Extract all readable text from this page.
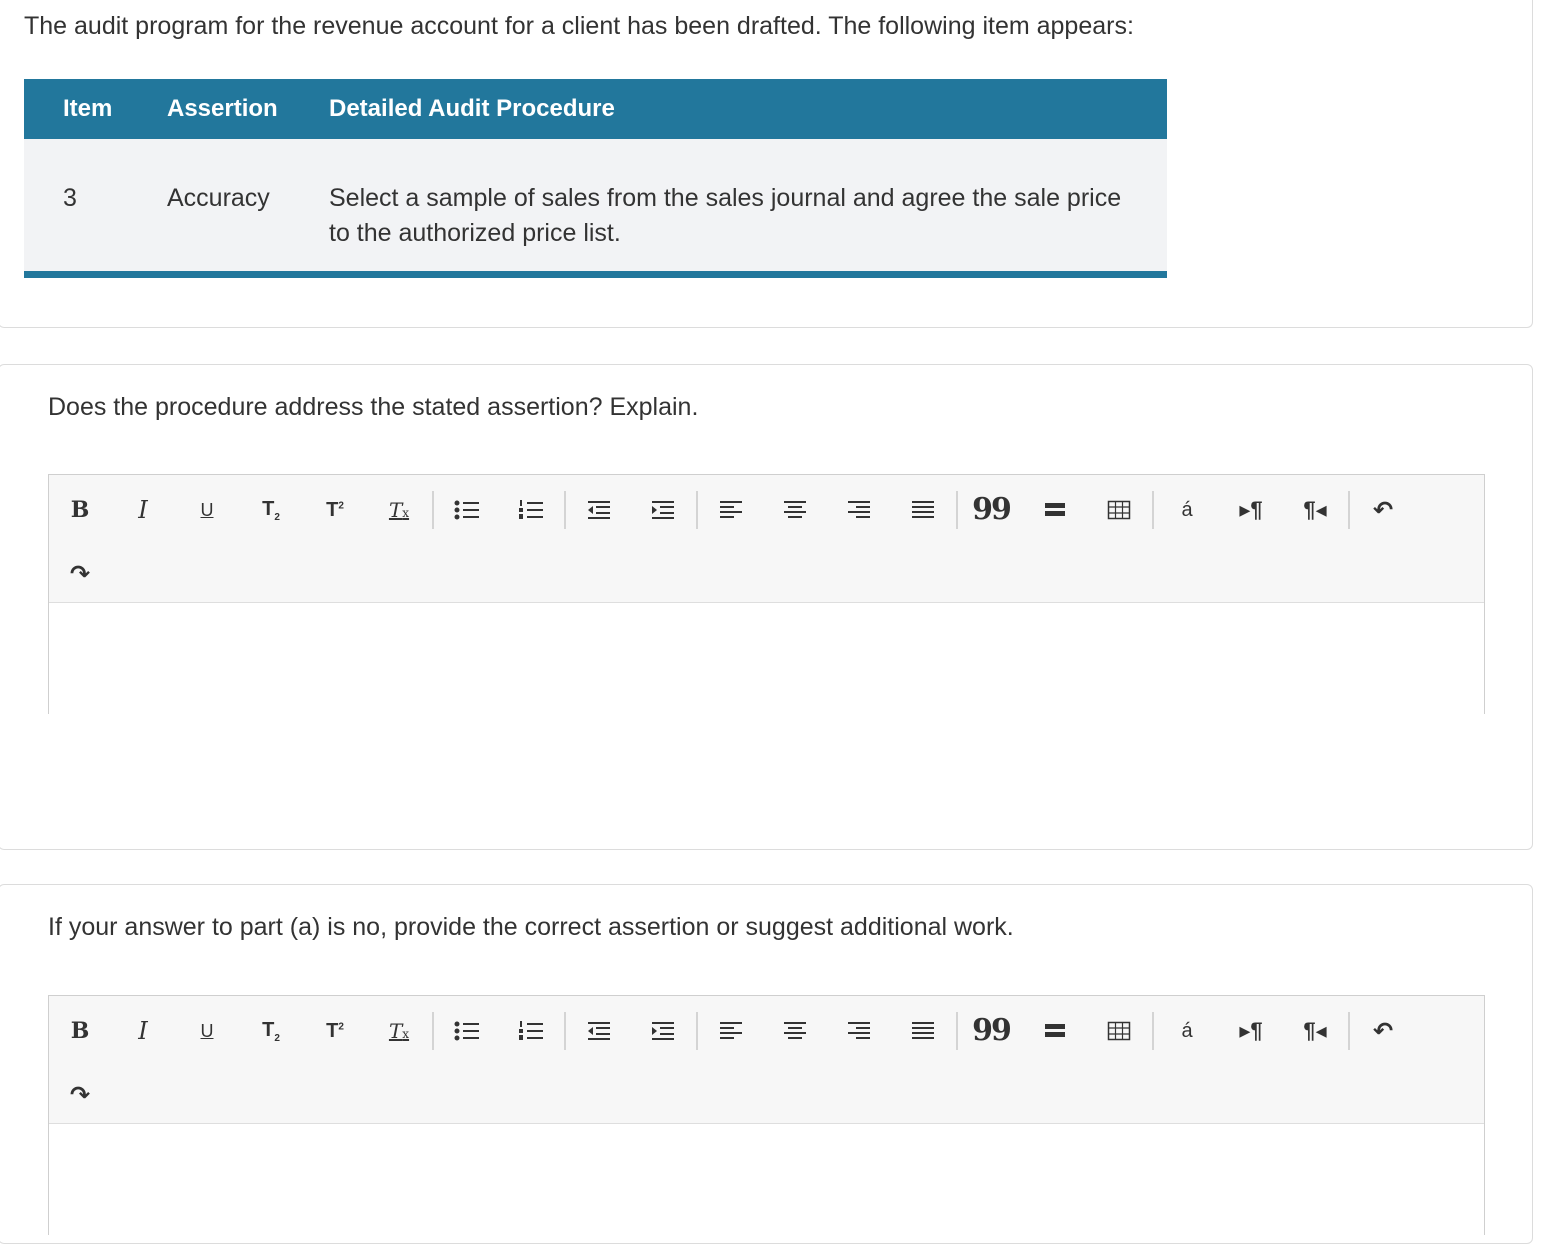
The audit program for the revenue account for a client has been drafted. The following item appears:
Item	Assertion	Detailed Audit Procedure
3	Accuracy	Select a sample of sales from the sales journal and agree the sale price to the authorized price list.
Does the procedure address the stated assertion? Explain.
B I	U $T_2$ $T^2$ Tx	99	á ▸¶ ¶◂ ↶
↷
If your answer to part (a) is no, provide the correct assertion or suggest additional work.
B I	U $T_2$ $T^2$ Tx	99	á ▸¶ ¶◂ ↶
↷
